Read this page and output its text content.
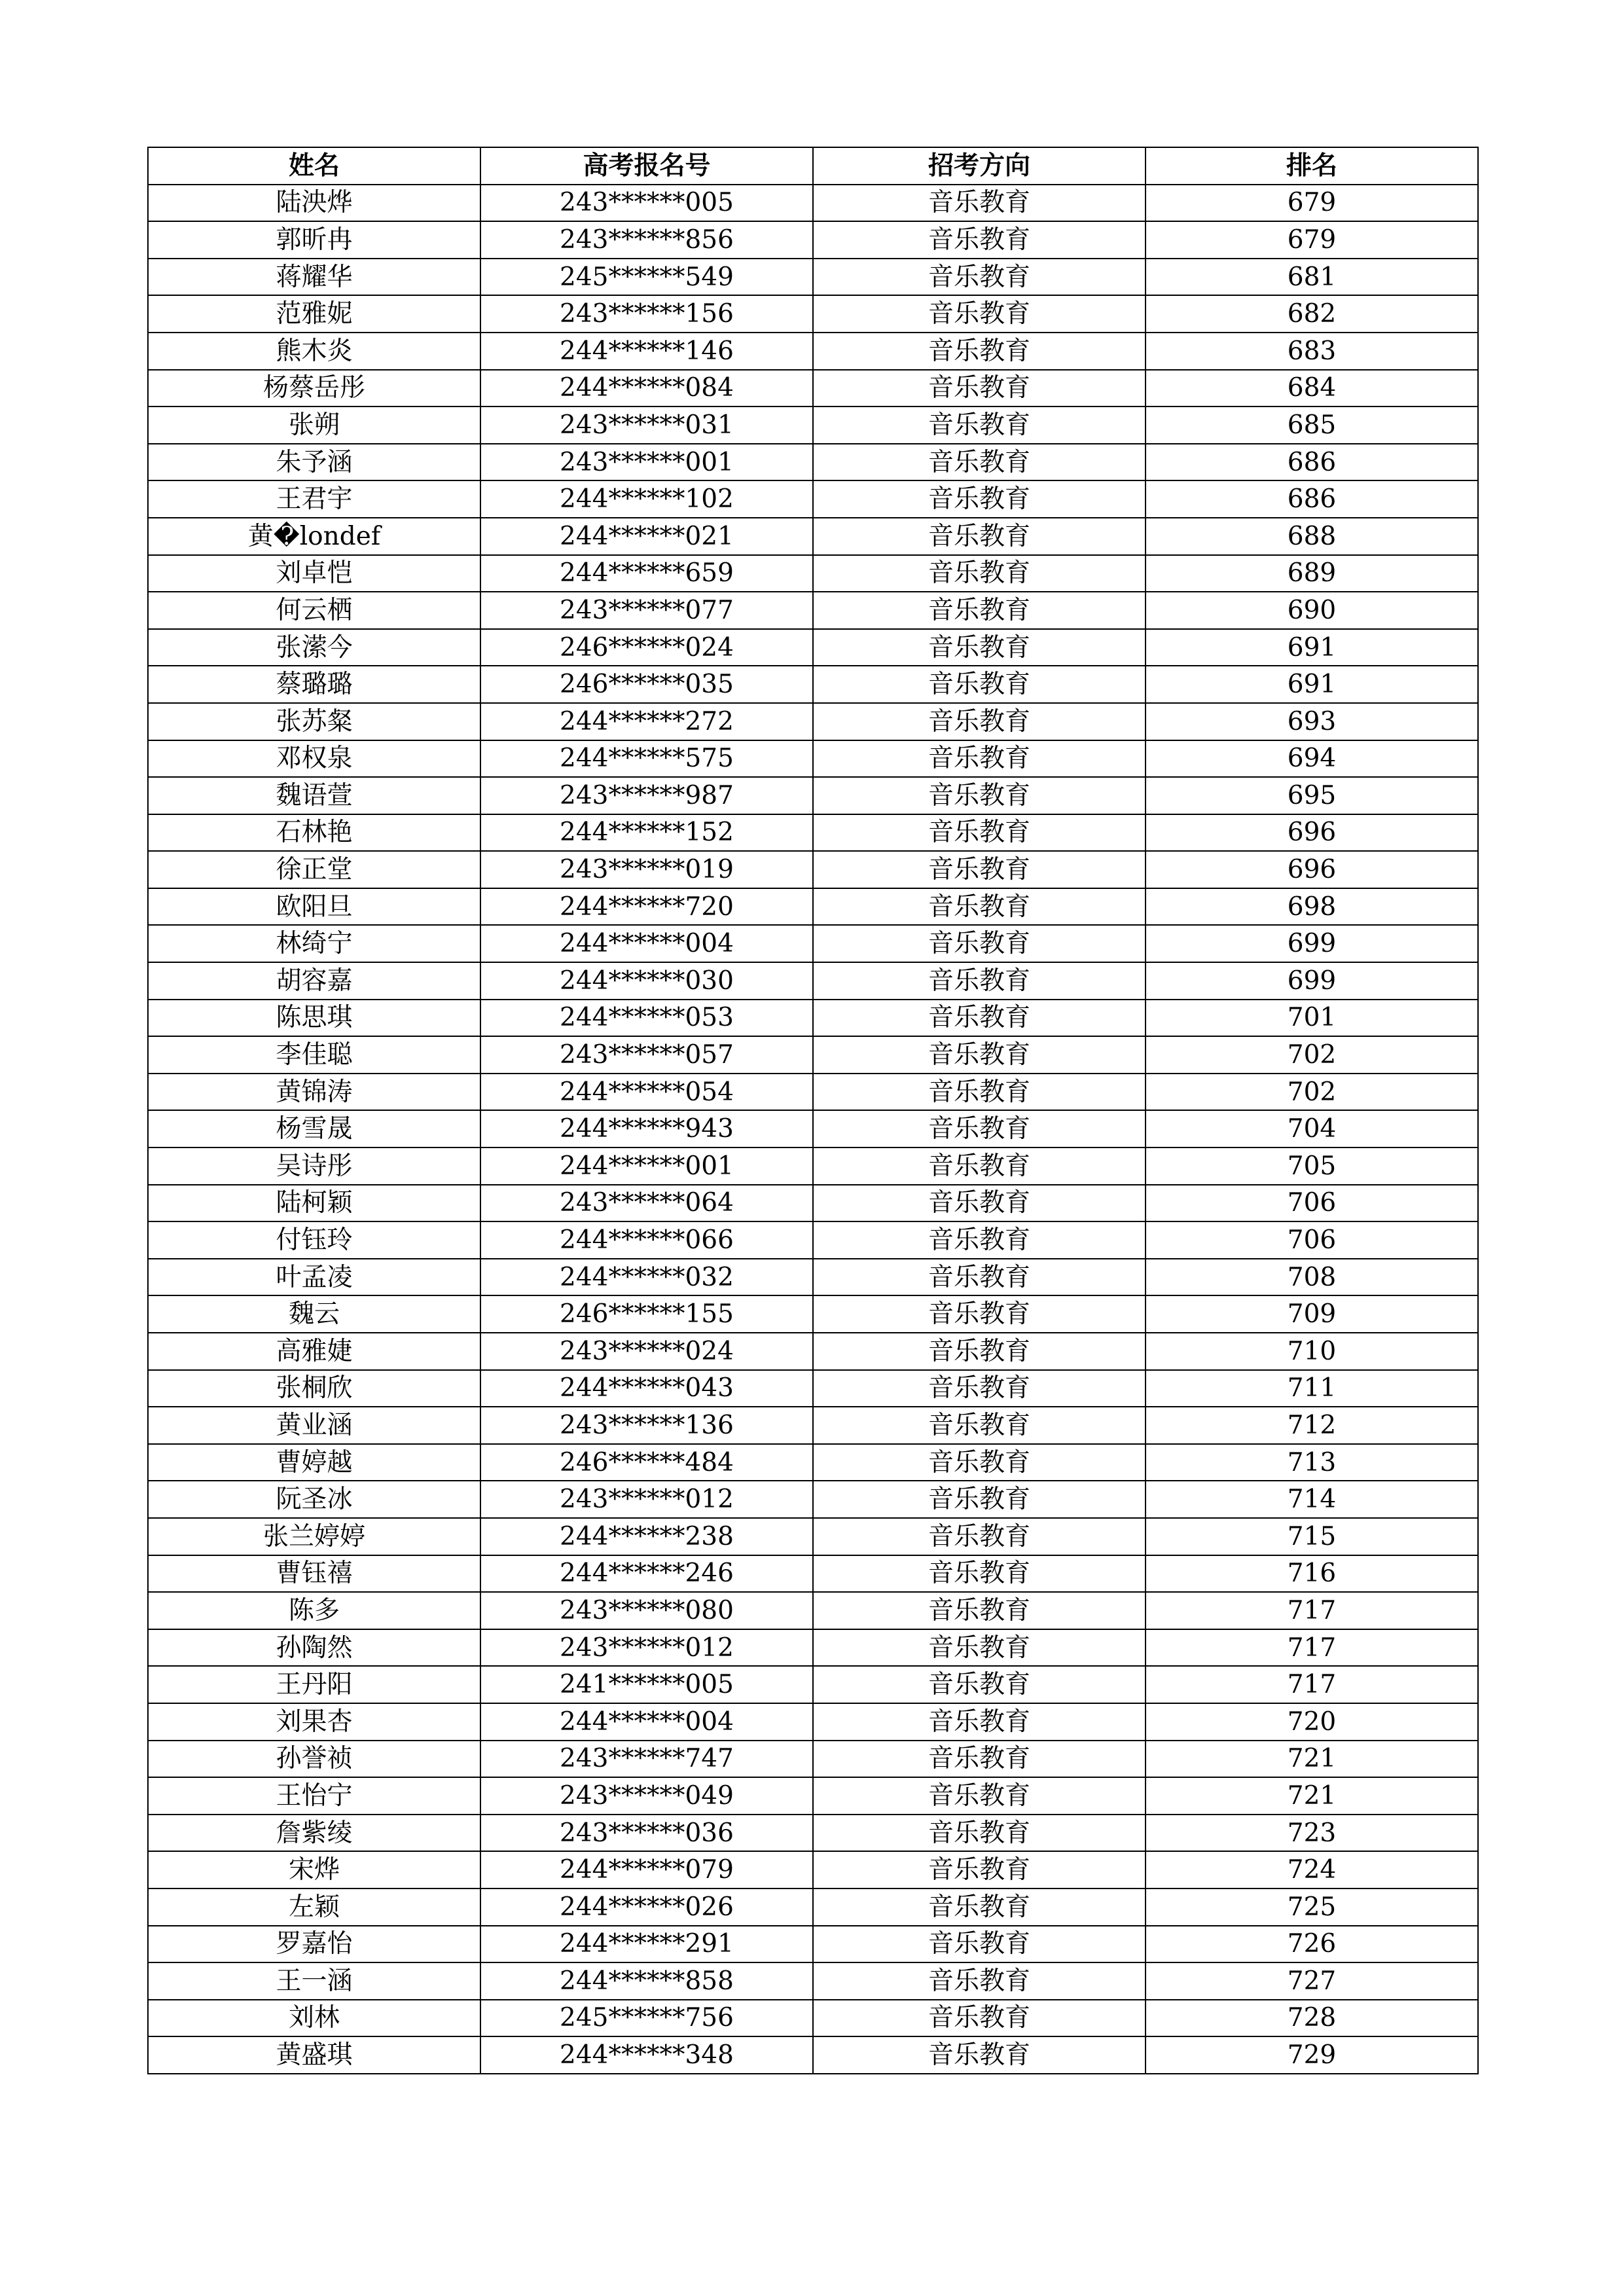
姓名	高考报名号	招考方向	排名
陆泱烨	243******005	音乐教育	679
郭昕冉	243******856	音乐教育	679
蒋耀华	245******549	音乐教育	681
范雅妮	243******156	音乐教育	682
熊木炎	244******146	音乐教育	683
杨蔡岳彤	244******084	音乐教育	684
张朔	243******031	音乐教育	685
朱予涵	243******001	音乐教育	686
王君宇	244******102	音乐教育	686
黄�londef	244******021	音乐教育	688
刘卓恺	244******659	音乐教育	689
何云栖	243******077	音乐教育	690
张潆今	246******024	音乐教育	691
蔡璐璐	246******035	音乐教育	691
张苏粲	244******272	音乐教育	693
邓权泉	244******575	音乐教育	694
魏语萱	243******987	音乐教育	695
石林艳	244******152	音乐教育	696
徐正堂	243******019	音乐教育	696
欧阳旦	244******720	音乐教育	698
林绮宁	244******004	音乐教育	699
胡容嘉	244******030	音乐教育	699
陈思琪	244******053	音乐教育	701
李佳聪	243******057	音乐教育	702
黄锦涛	244******054	音乐教育	702
杨雪晟	244******943	音乐教育	704
吴诗彤	244******001	音乐教育	705
陆柯颖	243******064	音乐教育	706
付钰玲	244******066	音乐教育	706
叶孟凌	244******032	音乐教育	708
魏云	246******155	音乐教育	709
高雅婕	243******024	音乐教育	710
张桐欣	244******043	音乐教育	711
黄业涵	243******136	音乐教育	712
曹婷越	246******484	音乐教育	713
阮圣冰	243******012	音乐教育	714
张兰婷婷	244******238	音乐教育	715
曹钰禧	244******246	音乐教育	716
陈多	243******080	音乐教育	717
孙陶然	243******012	音乐教育	717
王丹阳	241******005	音乐教育	717
刘果杏	244******004	音乐教育	720
孙誉祯	243******747	音乐教育	721
王怡宁	243******049	音乐教育	721
詹紫绫	243******036	音乐教育	723
宋烨	244******079	音乐教育	724
左颖	244******026	音乐教育	725
罗嘉怡	244******291	音乐教育	726
王一涵	244******858	音乐教育	727
刘林	245******756	音乐教育	728
黄盛琪	244******348	音乐教育	729
